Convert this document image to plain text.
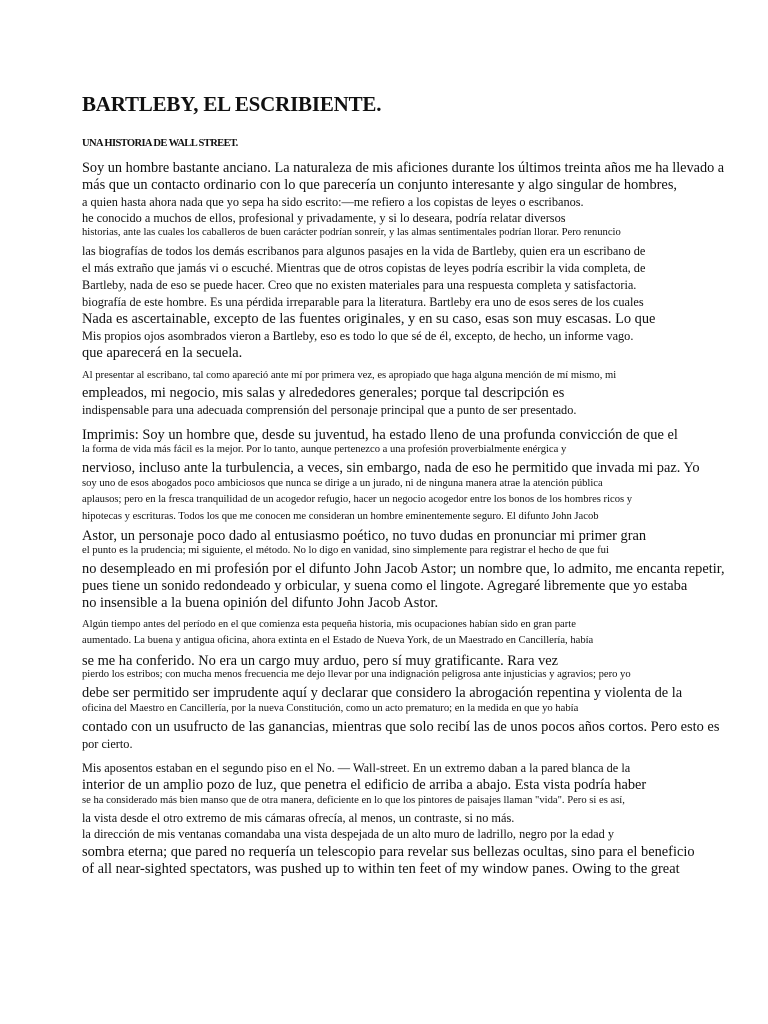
BARTLEBY, EL ESCRIBIENTE.
UNA HISTORIA DE WALL STREET.
Soy un hombre bastante anciano. La naturaleza de mis aficiones durante los últimos treinta años me ha llevado a
más que un contacto ordinario con lo que parecería un conjunto interesante y algo singular de hombres,
a quien hasta ahora nada que yo sepa ha sido escrito:—me refiero a los copistas de leyes o escribanos.
he conocido a muchos de ellos, profesional y privadamente, y si lo deseara, podría relatar diversos
historias, ante las cuales los caballeros de buen carácter podrían sonreír, y las almas sentimentales podrían llorar. Pero renuncio
las biografías de todos los demás escribanos para algunos pasajes en la vida de Bartleby, quien era un escribano de
el más extraño que jamás vi o escuché. Mientras que de otros copistas de leyes podría escribir la vida completa, de
Bartleby, nada de eso se puede hacer. Creo que no existen materiales para una respuesta completa y satisfactoria.
biografía de este hombre. Es una pérdida irreparable para la literatura. Bartleby era uno de esos seres de los cuales
Nada es ascertainable, excepto de las fuentes originales, y en su caso, esas son muy escasas. Lo que
Mis propios ojos asombrados vieron a Bartleby, eso es todo lo que sé de él, excepto, de hecho, un informe vago.
que aparecerá en la secuela.
Al presentar al escribano, tal como apareció ante mí por primera vez, es apropiado que haga alguna mención de mí mismo, mi
empleados, mi negocio, mis salas y alrededores generales; porque tal descripción es
indispensable para una adecuada comprensión del personaje principal que a punto de ser presentado.
Imprimis: Soy un hombre que, desde su juventud, ha estado lleno de una profunda convicción de que el
la forma de vida más fácil es la mejor. Por lo tanto, aunque pertenezco a una profesión proverbialmente enérgica y
nervioso, incluso ante la turbulencia, a veces, sin embargo, nada de eso he permitido que invada mi paz. Yo
soy uno de esos abogados poco ambiciosos que nunca se dirige a un jurado, ni de ninguna manera atrae la atención pública
aplausos; pero en la fresca tranquilidad de un acogedor refugio, hacer un negocio acogedor entre los bonos de los hombres ricos y
hipotecas y escrituras. Todos los que me conocen me consideran un hombre eminentemente seguro. El difunto John Jacob
Astor, un personaje poco dado al entusiasmo poético, no tuvo dudas en pronunciar mi primer gran
el punto es la prudencia; mi siguiente, el método. No lo digo en vanidad, sino simplemente para registrar el hecho de que fui
no desempleado en mi profesión por el difunto John Jacob Astor; un nombre que, lo admito, me encanta repetir,
pues tiene un sonido redondeado y orbicular, y suena como el lingote. Agregaré libremente que yo estaba
no insensible a la buena opinión del difunto John Jacob Astor.
Algún tiempo antes del período en el que comienza esta pequeña historia, mis ocupaciones habían sido en gran parte
aumentado. La buena y antigua oficina, ahora extinta en el Estado de Nueva York, de un Maestrado en Cancillería, había
se me ha conferido. No era un cargo muy arduo, pero sí muy gratificante. Rara vez
pierdo los estribos; con mucha menos frecuencia me dejo llevar por una indignación peligrosa ante injusticias y agravios; pero yo
debe ser permitido ser imprudente aquí y declarar que considero la abrogación repentina y violenta de la
oficina del Maestro en Cancillería, por la nueva Constitución, como un acto prematuro; en la medida en que yo había
contado con un usufructo de las ganancias, mientras que solo recibí las de unos pocos años cortos. Pero esto es
por cierto.
Mis aposentos estaban en el segundo piso en el No. — Wall-street. En un extremo daban a la pared blanca de la
interior de un amplio pozo de luz, que penetra el edificio de arriba a abajo. Esta vista podría haber
se ha considerado más bien manso que de otra manera, deficiente en lo que los pintores de paisajes llaman "vida". Pero si es así,
la vista desde el otro extremo de mis cámaras ofrecía, al menos, un contraste, si no más.
la dirección de mis ventanas comandaba una vista despejada de un alto muro de ladrillo, negro por la edad y
sombra eterna; que pared no requería un telescopio para revelar sus bellezas ocultas, sino para el beneficio
of all near-sighted spectators, was pushed up to within ten feet of my window panes. Owing to the great
